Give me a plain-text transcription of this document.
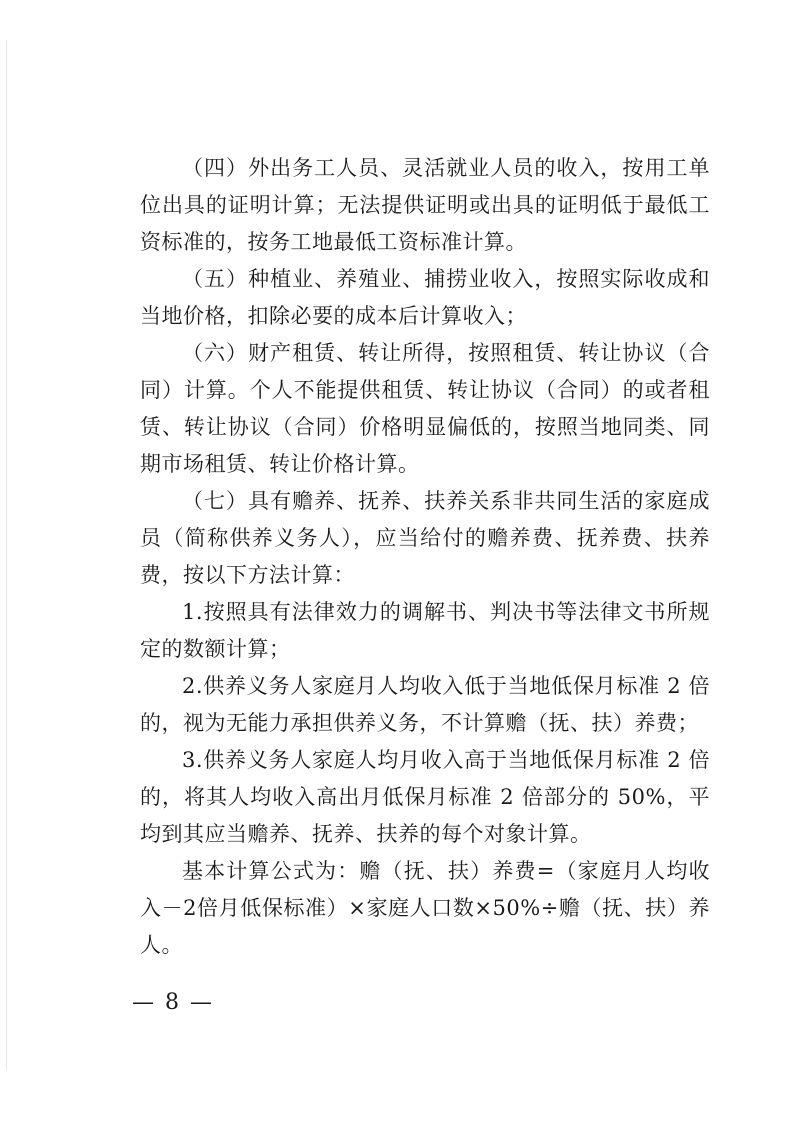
（四）外出务工人员、灵活就业人员的收入，按用工单位出具的证明计算；无法提供证明或出具的证明低于最低工资标准的，按务工地最低工资标准计算。

（五）种植业、养殖业、捕捞业收入，按照实际收成和当地价格，扣除必要的成本后计算收入；

（六）财产租赁、转让所得，按照租赁、转让协议（合同）计算。个人不能提供租赁、转让协议（合同）的或者租赁、转让协议（合同）价格明显偏低的，按照当地同类、同期市场租赁、转让价格计算。

（七）具有赡养、抚养、扶养关系非共同生活的家庭成员（简称供养义务人），应当给付的赡养费、抚养费、扶养费，按以下方法计算：

1.按照具有法律效力的调解书、判决书等法律文书所规定的数额计算；

2.供养义务人家庭月人均收入低于当地低保月标准 2 倍的，视为无能力承担供养义务，不计算赡（抚、扶）养费；

3.供养义务人家庭人均月收入高于当地低保月标准 2 倍的，将其人均收入高出月低保月标准 2 倍部分的 50%，平均到其应当赡养、抚养、扶养的每个对象计算。

基本计算公式为：赡（抚、扶）养费=（家庭月人均收入－2倍月低保标准）×家庭人口数×50%÷赡（抚、扶）养人。

— 8 —
